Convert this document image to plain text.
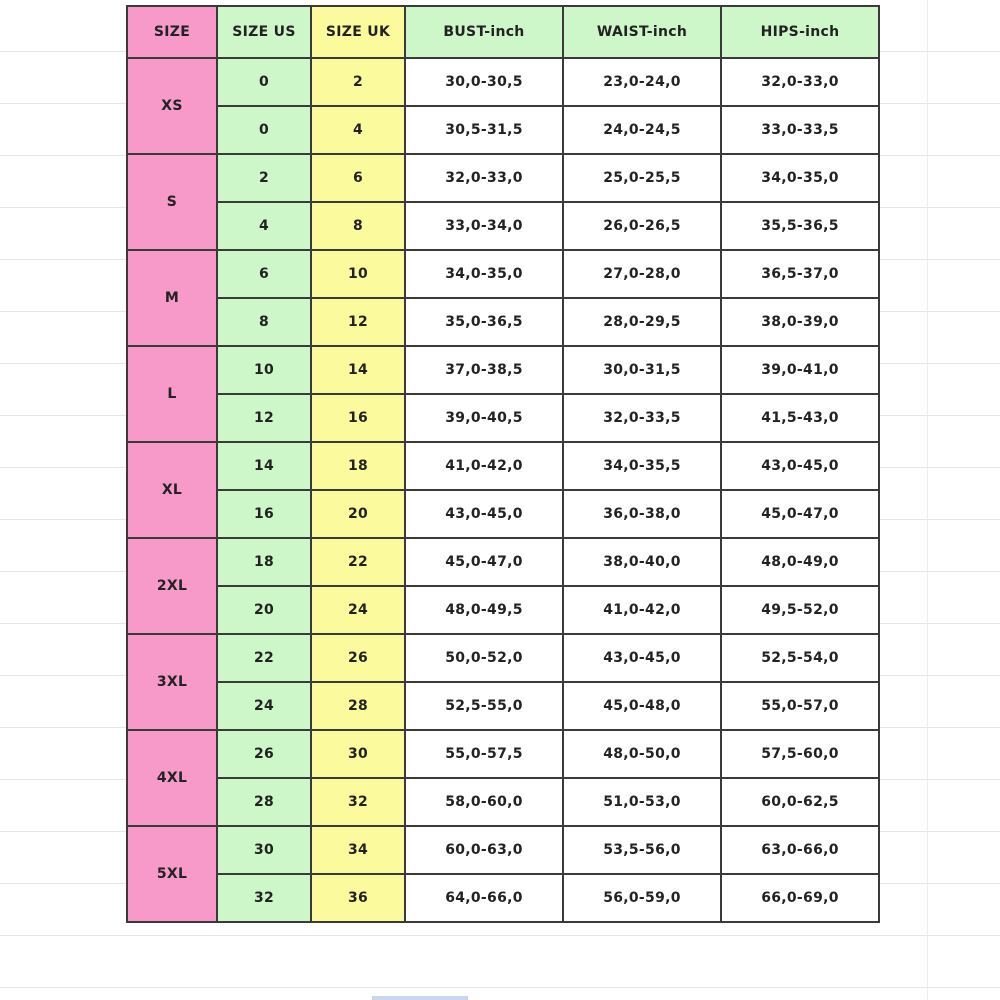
SIZE	SIZE US	SIZE UK	BUST-inch	WAIST-inch	HIPS-inch
XS	0	2	30,0-30,5	23,0-24,0	32,0-33,0
	0	4	30,5-31,5	24,0-24,5	33,0-33,5
S	2	6	32,0-33,0	25,0-25,5	34,0-35,0
	4	8	33,0-34,0	26,0-26,5	35,5-36,5
M	6	10	34,0-35,0	27,0-28,0	36,5-37,0
	8	12	35,0-36,5	28,0-29,5	38,0-39,0
L	10	14	37,0-38,5	30,0-31,5	39,0-41,0
	12	16	39,0-40,5	32,0-33,5	41,5-43,0
XL	14	18	41,0-42,0	34,0-35,5	43,0-45,0
	16	20	43,0-45,0	36,0-38,0	45,0-47,0
2XL	18	22	45,0-47,0	38,0-40,0	48,0-49,0
	20	24	48,0-49,5	41,0-42,0	49,5-52,0
3XL	22	26	50,0-52,0	43,0-45,0	52,5-54,0
	24	28	52,5-55,0	45,0-48,0	55,0-57,0
4XL	26	30	55,0-57,5	48,0-50,0	57,5-60,0
	28	32	58,0-60,0	51,0-53,0	60,0-62,5
5XL	30	34	60,0-63,0	53,5-56,0	63,0-66,0
	32	36	64,0-66,0	56,0-59,0	66,0-69,0
